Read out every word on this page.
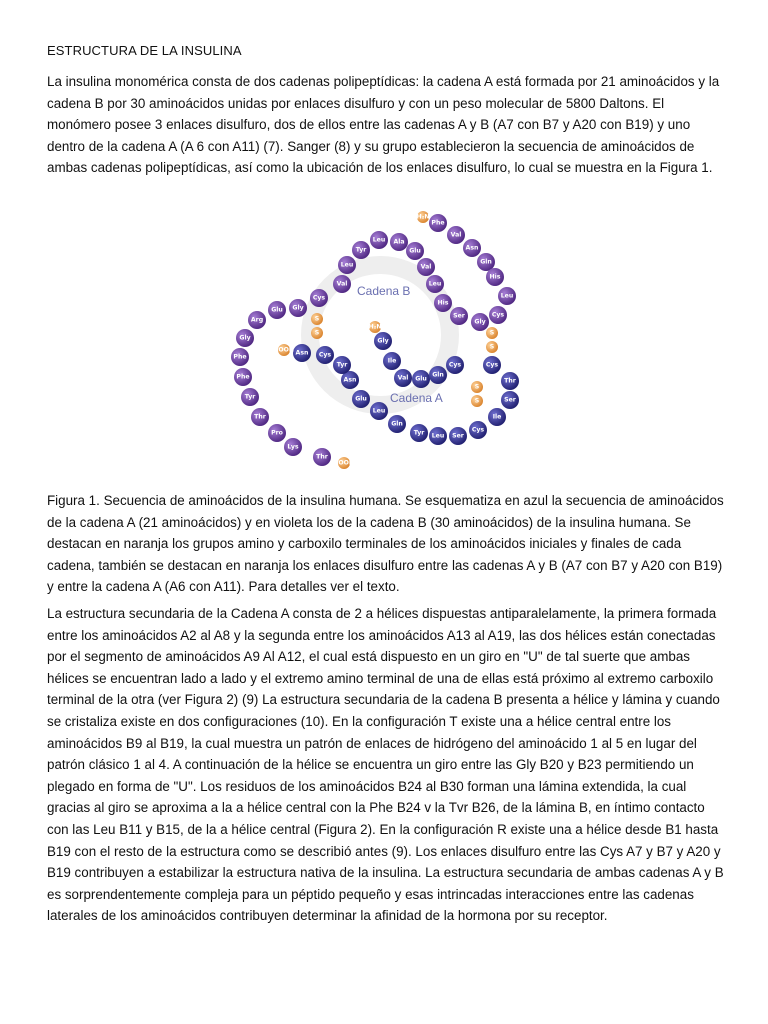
ESTRUCTURA DE LA INSULINA

La insulina monomérica consta de dos cadenas polipeptídicas: la cadena A está formada por 21 aminoácidos y la cadena B por 30 aminoácidos unidas por enlaces disulfuro y con un peso molecular de 5800 Daltons. El monómero posee 3 enlaces disulfuro, dos de ellos entre las cadenas A y B (A7 con B7 y A20 con B19) y uno dentro de la cadena A (A 6 con A11) (7). Sanger (8) y su grupo establecieron la secuencia de aminoácidos de ambas cadenas polipeptídicas, así como la ubicación de los enlaces disulfuro, lo cual se muestra en la Figura 1.

Phe
Val
Asn
Gln
His
Leu
Cys
Gly
Ser
His
Leu
Val
Glu
Ala
Leu
Tyr
Leu
Val
Cys
Gly
Glu
Arg
Gly
Phe
Phe
Tyr
Thr
Pro
Lys
Thr
Gly
Ile
Val Glu
Gln
Cys	Cys
Thr
Ser
Ile
Cys
Ser
Leu
Tyr
Gln
Leu
Glu
Asn
Tyr
Cys
Asn
H₂N
H₂N
COOH
COOH
S
S	S
S
S
S
Cadena B
Cadena A

Figura 1. Secuencia de aminoácidos de la insulina humana. Se esquematiza en azul la secuencia de aminoácidos de la cadena A (21 aminoácidos) y en violeta los de la cadena B (30 aminoácidos) de la insulina humana. Se destacan en naranja los grupos amino y carboxilo terminales de los aminoácidos iniciales y finales de cada cadena, también se destacan en naranja los enlaces disulfuro entre las cadenas A y B (A7 con B7 y A20 con B19) y entre la cadena A (A6 con A11). Para detalles ver el texto.

La estructura secundaria de la Cadena A consta de 2 a hélices dispuestas antiparalelamente, la primera formada entre los aminoácidos A2 al A8 y la segunda entre los aminoácidos A13 al A19, las dos hélices están conectadas por el segmento de aminoácidos A9 Al A12, el cual está dispuesto en un giro en "U" de tal suerte que ambas hélices se encuentran lado a lado y el extremo amino terminal de una de ellas está próximo al extremo carboxilo terminal de la otra (ver Figura 2) (9) La estructura secundaria de la cadena B presenta a hélice y lámina y cuando se cristaliza existe en dos configuraciones (10). En la configuración T existe una a hélice central entre los aminoácidos B9 al B19, la cual muestra un patrón de enlaces de hidrógeno del aminoácido 1 al 5 en lugar del patrón clásico 1 al 4. A continuación de la hélice se encuentra un giro entre las Gly B20 y B23 permitiendo un plegado en forma de "U". Los residuos de los aminoácidos B24 al B30 forman una lámina extendida, la cual gracias al giro se aproxima a la a hélice central con la Phe B24 v la Tvr B26, de la lámina B, en íntimo contacto con las Leu B11 y B15, de la a hélice central (Figura 2). En la configuración R existe una a hélice desde B1 hasta B19 con el resto de la estructura como se describió antes (9). Los enlaces disulfuro entre las Cys A7 y B7 y A20 y B19 contribuyen a estabilizar la estructura nativa de la insulina. La estructura secundaria de ambas cadenas A y B es sorprendentemente compleja para un péptido pequeño y esas intrincadas interacciones entre las cadenas laterales de los aminoácidos contribuyen determinar la afinidad de la hormona por su receptor.
